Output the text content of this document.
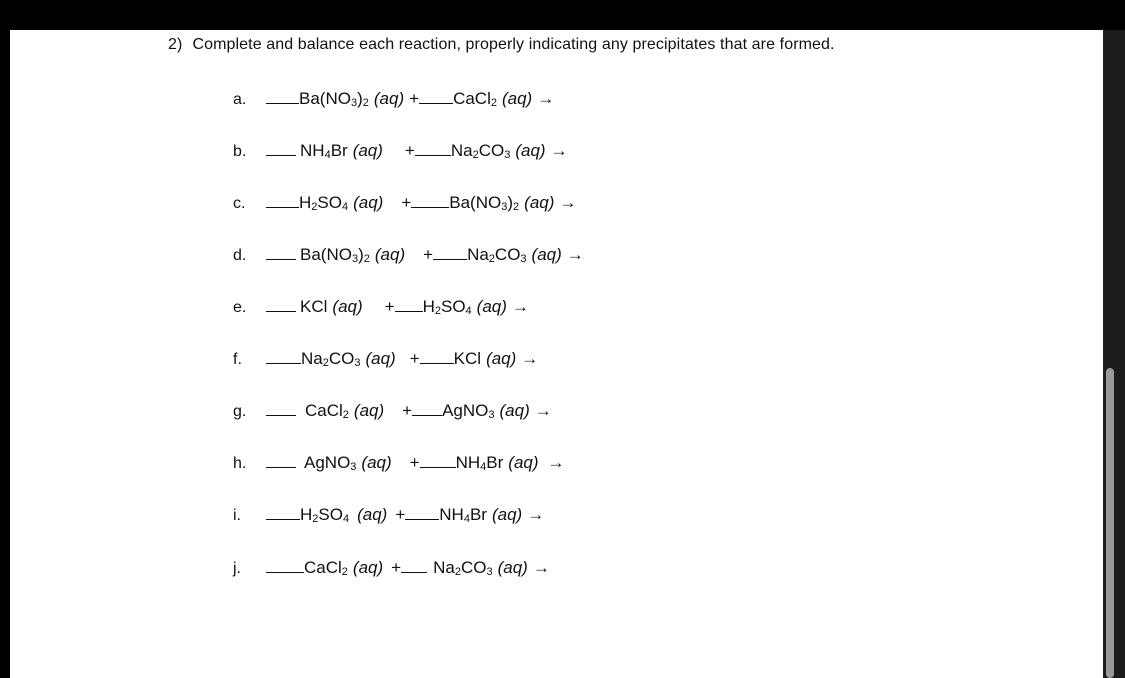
2) Complete and balance each reaction, properly indicating any precipitates that are formed.
a.	$Ba(NO_3)_2$ (aq) + CaCl$_2$ (aq) →
b.	$NH_4Br$ $(aq) + Na_2CO_3$ (aq) →
c.	$H_2SO_4$ $(aq) + Ba(NO_3)_2$ (aq) →
d.	$Ba(NO_3)_2$ $(aq) + Na_2CO_3$ (aq) →
e.	KCl $(aq) + H_2SO_4$ (aq) →
f.	$Na_2CO_3$ (aq) + KCl (aq) →
g.	CaCl$_2$ (aq) + AgNO$_3$ (aq) →
h.	AgNO$_3$ $(aq) + NH_4Br$ (aq) →
i.	$H_2SO_4$ $(aq) + NH_4Br$ (aq) →
j.	CaCl$_2$ $(aq) + Na_2CO_3$ (aq) →
